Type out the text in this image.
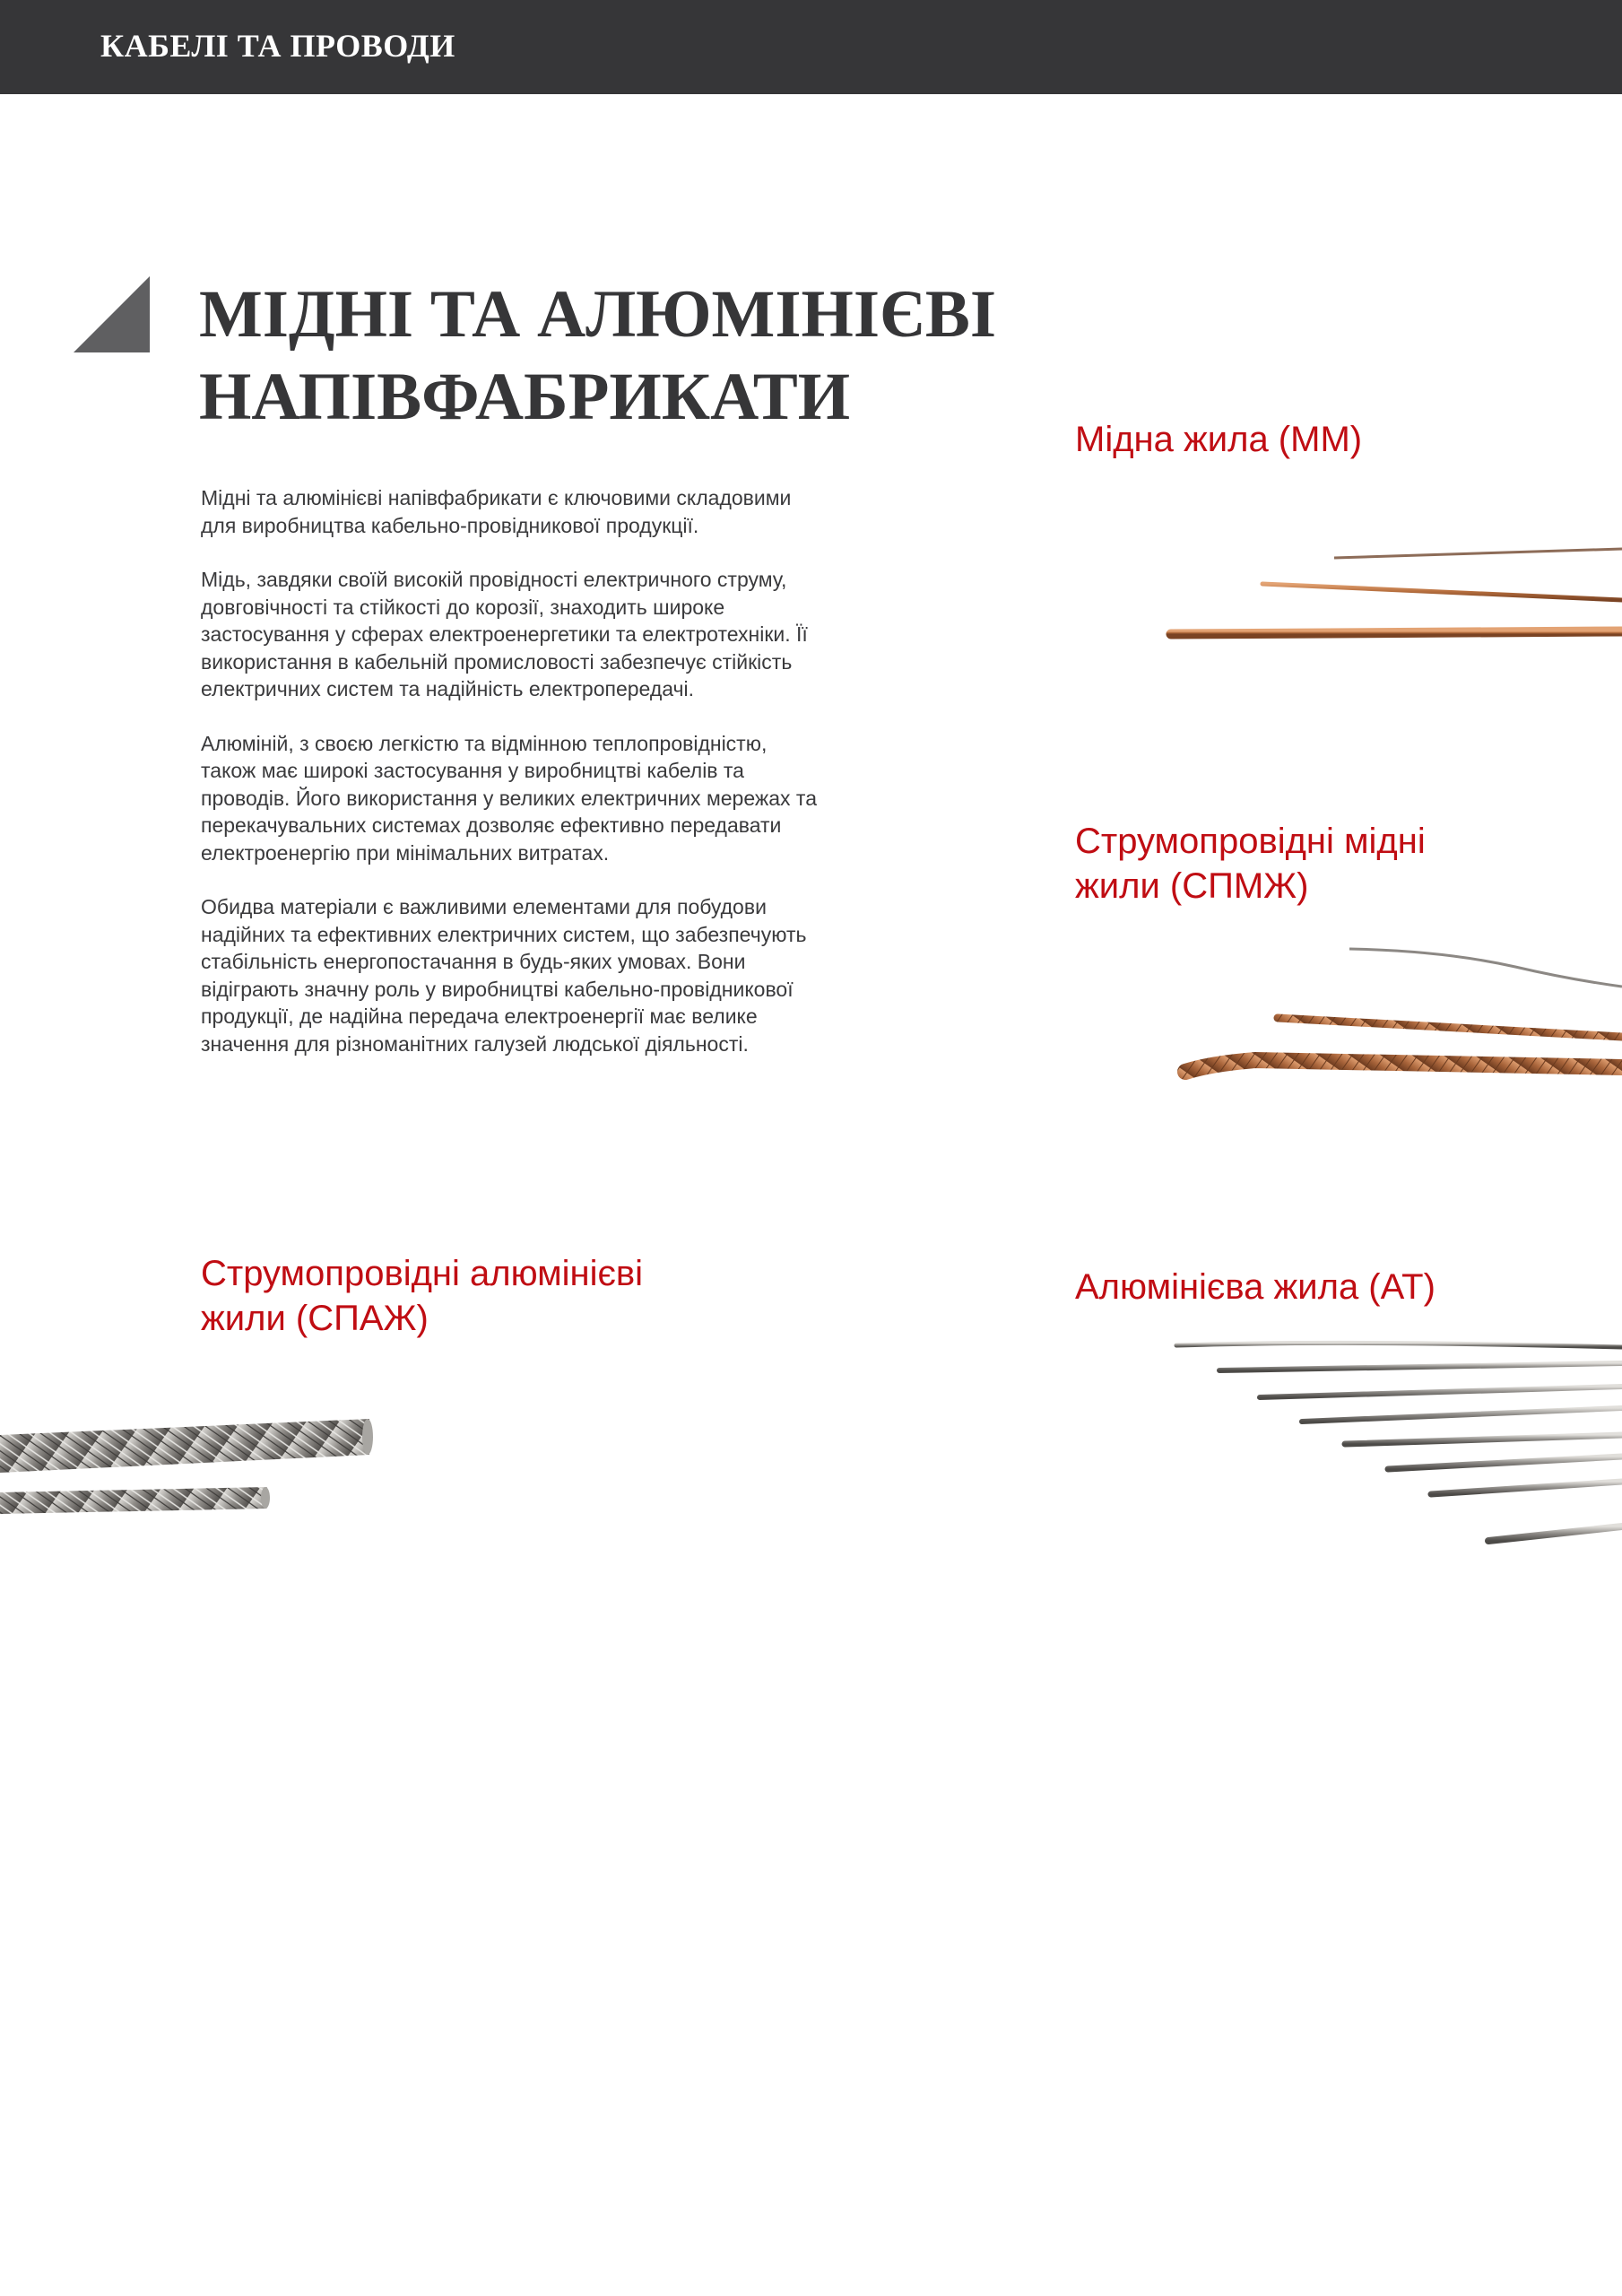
КАБЕЛІ ТА ПРОВОДИ
МІДНІ ТА АЛЮМІНІЄВІ
НАПІВФАБРИКАТИ

Мідні та алюмінієві напівфабрикати є ключовими складовими
для виробництва кабельно-провідникової продукції.

Мідь, завдяки своїй високій провідності електричного струму,
довговічності та стійкості до корозії, знаходить широке
застосування у сферах електроенергетики та електротехніки. Її
використання в кабельній промисловості забезпечує стійкість
електричних систем та надійність електропередачі.

Алюміній, з своєю легкістю та відмінною теплопровідністю,
також має широкі застосування у виробництві кабелів та
проводів. Його використання у великих електричних мережах та
перекачувальних системах дозволяє ефективно передавати
електроенергію при мінімальних витратах.

Обидва матеріали є важливими елементами для побудови
надійних та ефективних електричних систем, що забезпечують
стабільність енергопостачання в будь-яких умовах. Вони
відіграють значну роль у виробництві кабельно-провідникової
продукції, де надійна передача електроенергії має велике
значення для різноманітних галузей людської діяльності.

Мідна жила (ММ)
Струмопровідні мідні
жили (СПМЖ)
Струмопровідні алюмінієві
жили (СПАЖ)
Алюмінієва жила (АТ)
